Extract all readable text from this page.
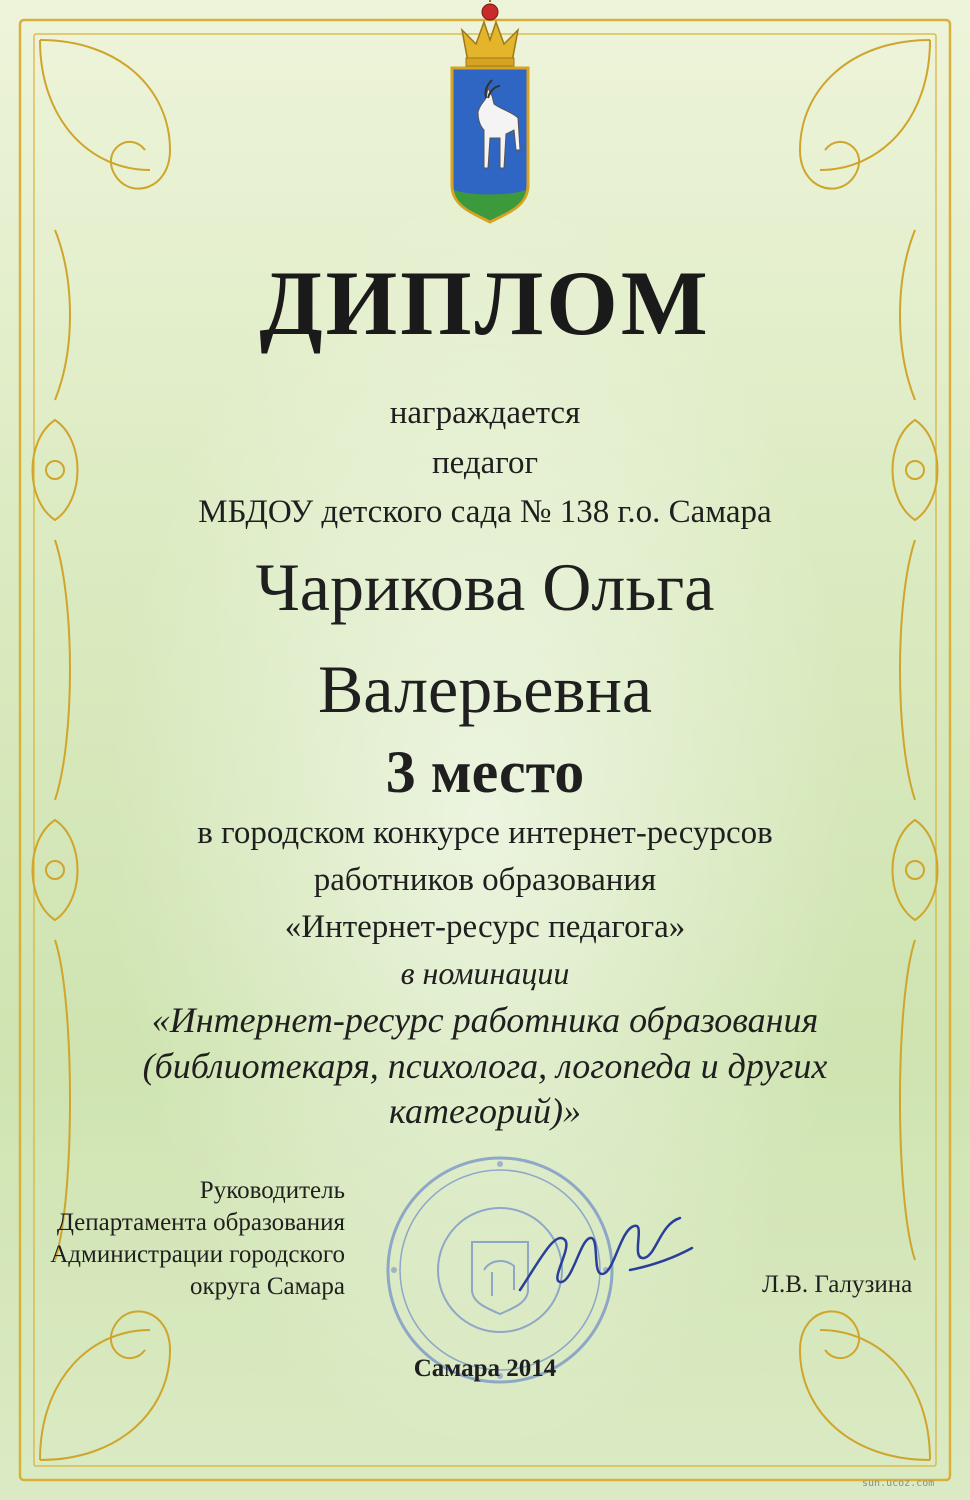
ДИПЛОМ

награждается

педагог

МБДОУ детского сада № 138 г.о. Самара

Чарикова Ольга

Валерьевна

3 место

в городском конкурсе интернет-ресурсов

работников образования

«Интернет-ресурс педагога»

в номинации

«Интернет-ресурс работника образования

(библиотекаря, психолога, логопеда и других

категорий)»

Руководитель
Департамента образования
Администрации городского
округа Самара	Л.В. Галузина

Самара 2014

sun.ucoz.com
